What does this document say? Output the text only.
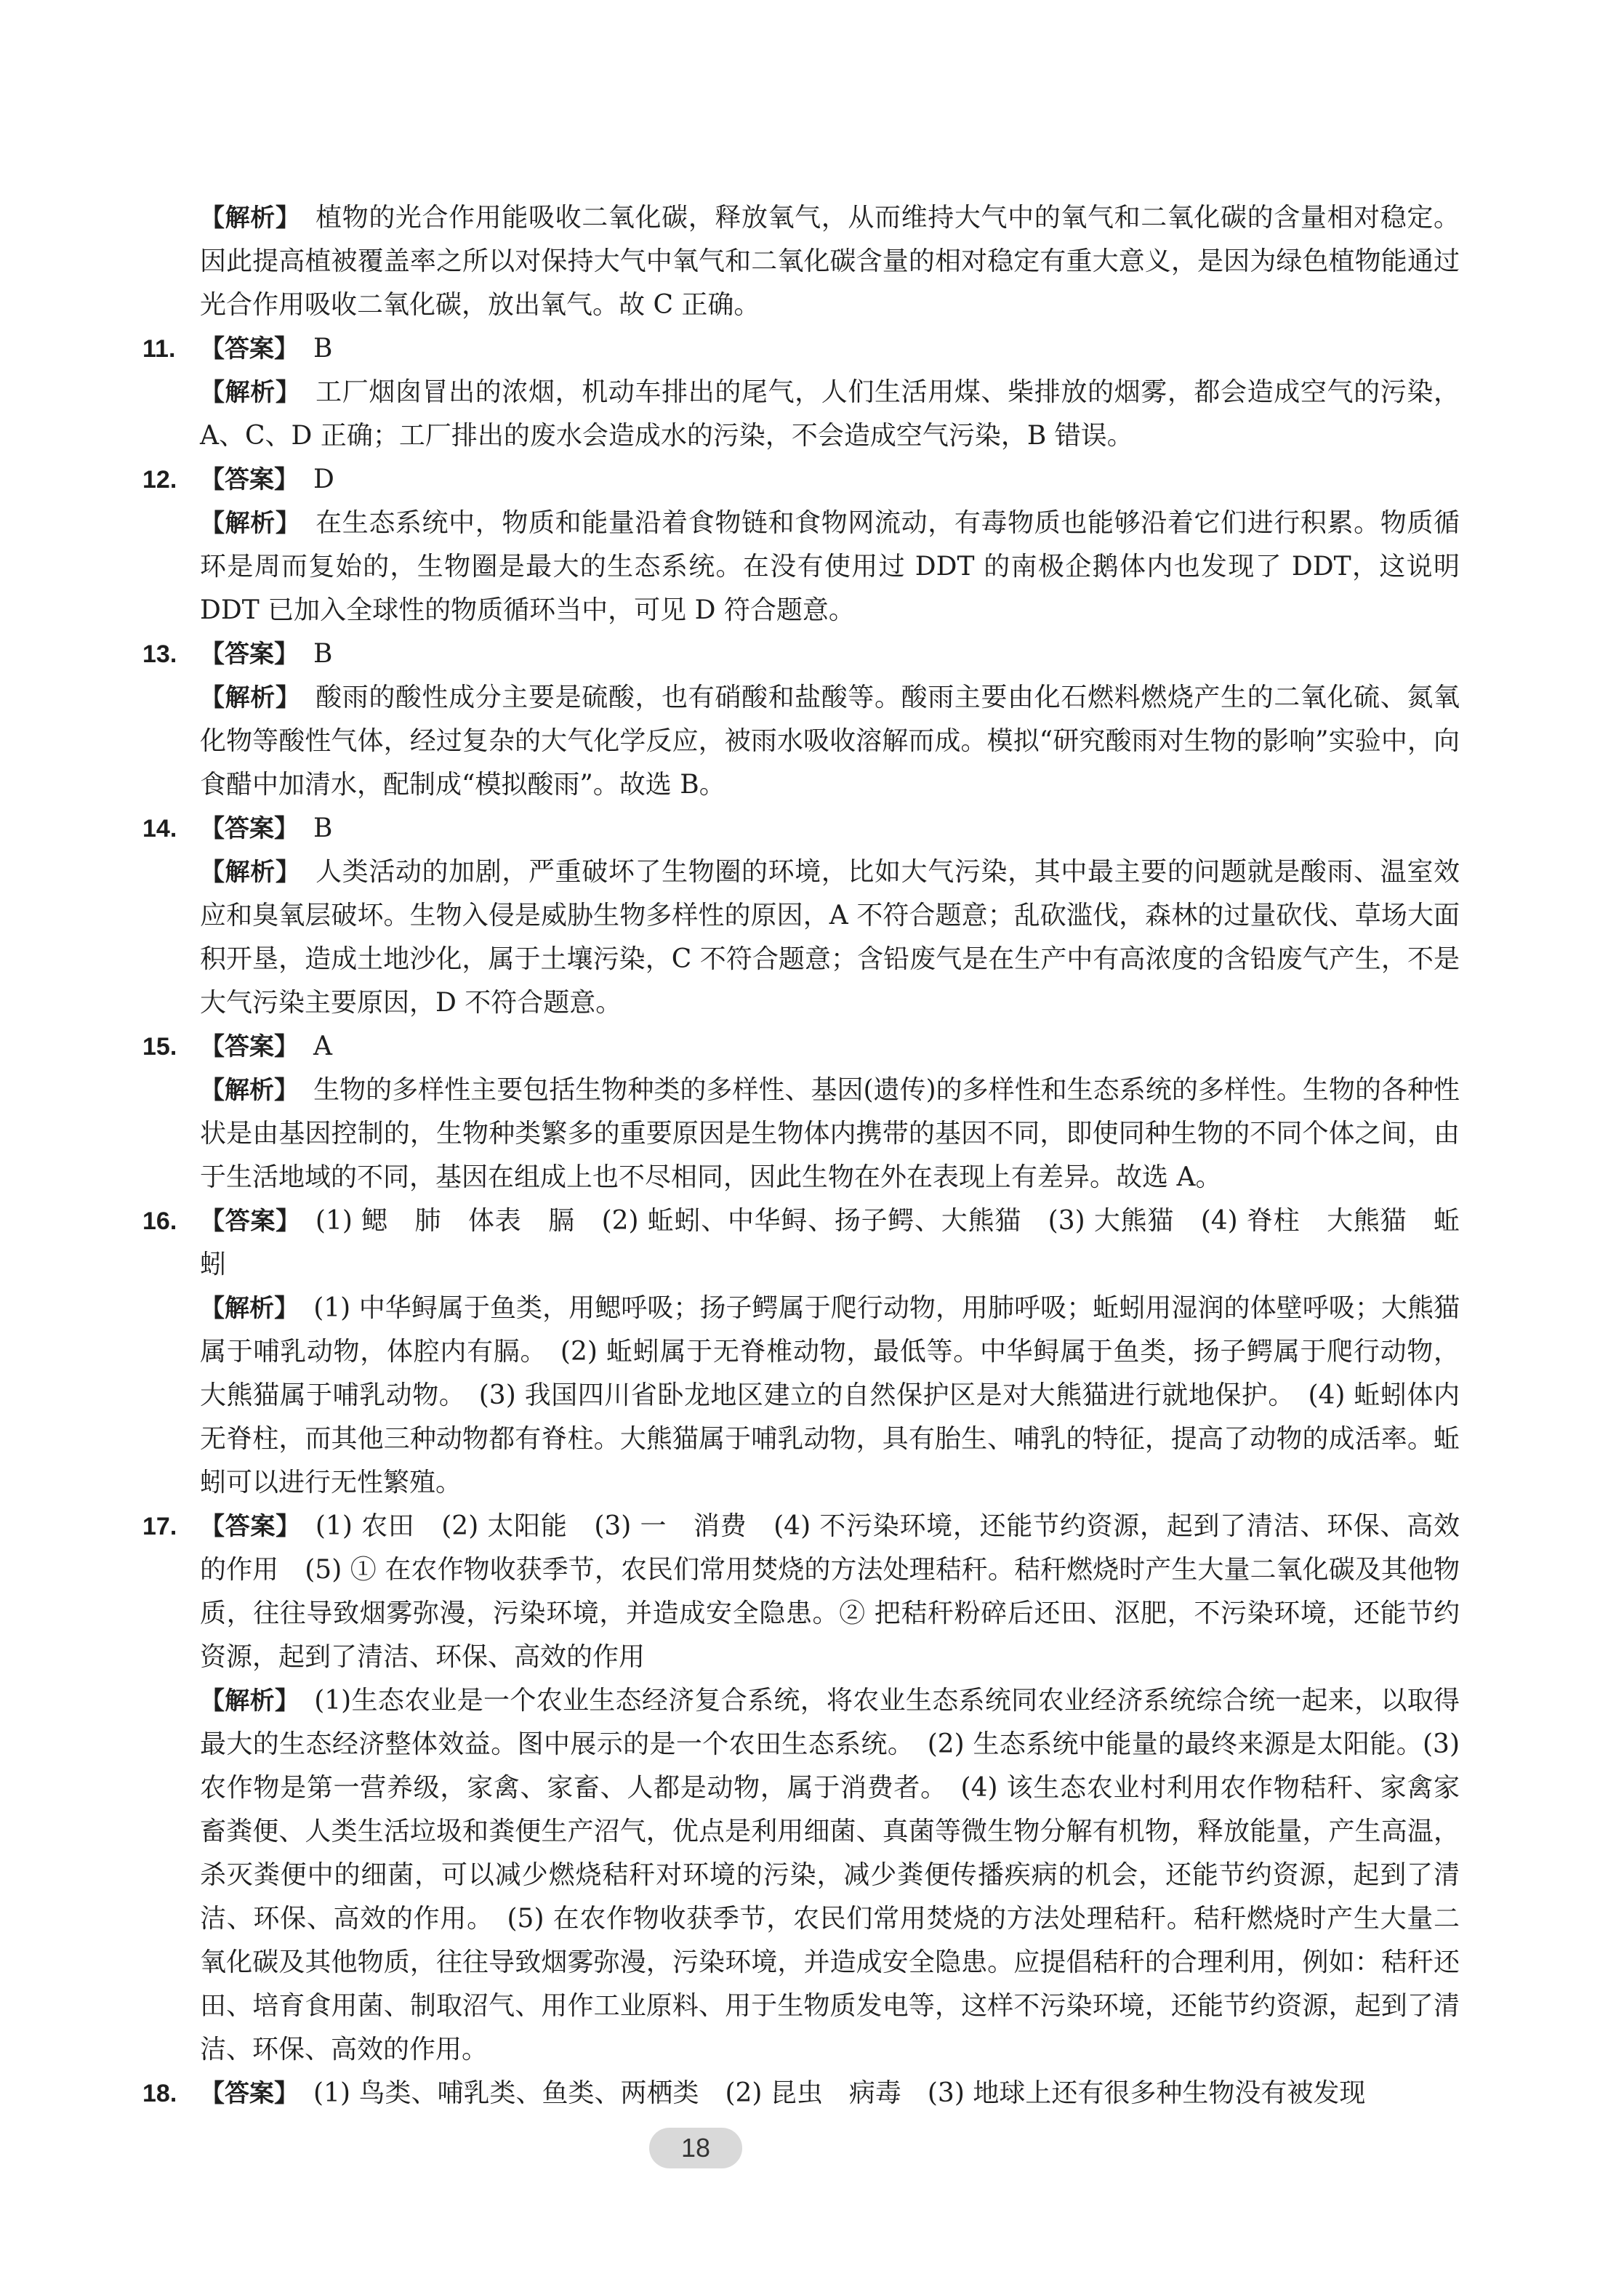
【解析】 植物的光合作用能吸收二氧化碳，释放氧气，从而维持大气中的氧气和二氧化碳的含量相对稳定。因此提高植被覆盖率之所以对保持大气中氧气和二氧化碳含量的相对稳定有重大意义，是因为绿色植物能通过光合作用吸收二氧化碳，放出氧气。故 C 正确。

11. 【答案】 B

【解析】 工厂烟囱冒出的浓烟，机动车排出的尾气，人们生活用煤、柴排放的烟雾，都会造成空气的污染，A、C、D 正确；工厂排出的废水会造成水的污染，不会造成空气污染，B 错误。

12. 【答案】 D

【解析】 在生态系统中，物质和能量沿着食物链和食物网流动，有毒物质也能够沿着它们进行积累。物质循环是周而复始的，生物圈是最大的生态系统。在没有使用过 DDT 的南极企鹅体内也发现了 DDT，这说明 DDT 已加入全球性的物质循环当中，可见 D 符合题意。

13. 【答案】 B

【解析】 酸雨的酸性成分主要是硫酸，也有硝酸和盐酸等。酸雨主要由化石燃料燃烧产生的二氧化硫、氮氧化物等酸性气体，经过复杂的大气化学反应，被雨水吸收溶解而成。模拟“研究酸雨对生物的影响”实验中，向食醋中加清水，配制成“模拟酸雨”。故选 B。

14. 【答案】 B

【解析】 人类活动的加剧，严重破坏了生物圈的环境，比如大气污染，其中最主要的问题就是酸雨、温室效应和臭氧层破坏。生物入侵是威胁生物多样性的原因，A 不符合题意；乱砍滥伐，森林的过量砍伐、草场大面积开垦，造成土地沙化，属于土壤污染，C 不符合题意；含铅废气是在生产中有高浓度的含铅废气产生，不是大气污染主要原因，D 不符合题意。

15. 【答案】 A

【解析】 生物的多样性主要包括生物种类的多样性、基因(遗传)的多样性和生态系统的多样性。生物的各种性状是由基因控制的，生物种类繁多的重要原因是生物体内携带的基因不同，即使同种生物的不同个体之间，由于生活地域的不同，基因在组成上也不尽相同，因此生物在外在表现上有差异。故选 A。

16. 【答案】 (1) 鳃　肺　体表　膈　(2) 蚯蚓、中华鲟、扬子鳄、大熊猫　(3) 大熊猫　(4) 脊柱　大熊猫　蚯蚓

【解析】 (1) 中华鲟属于鱼类，用鳃呼吸；扬子鳄属于爬行动物，用肺呼吸；蚯蚓用湿润的体壁呼吸；大熊猫属于哺乳动物，体腔内有膈。　(2) 蚯蚓属于无脊椎动物，最低等。中华鲟属于鱼类，扬子鳄属于爬行动物，大熊猫属于哺乳动物。　(3) 我国四川省卧龙地区建立的自然保护区是对大熊猫进行就地保护。　(4) 蚯蚓体内无脊柱，而其他三种动物都有脊柱。大熊猫属于哺乳动物，具有胎生、哺乳的特征，提高了动物的成活率。蚯蚓可以进行无性繁殖。

17. 【答案】 (1) 农田　(2) 太阳能　(3) 一　消费　(4) 不污染环境，还能节约资源，起到了清洁、环保、高效的作用　(5) ① 在农作物收获季节，农民们常用焚烧的方法处理秸秆。秸秆燃烧时产生大量二氧化碳及其他物质，往往导致烟雾弥漫，污染环境，并造成安全隐患。② 把秸秆粉碎后还田、沤肥，不污染环境，还能节约资源，起到了清洁、环保、高效的作用

【解析】 (1)生态农业是一个农业生态经济复合系统，将农业生态系统同农业经济系统综合统一起来，以取得最大的生态经济整体效益。图中展示的是一个农田生态系统。　(2) 生态系统中能量的最终来源是太阳能。(3) 农作物是第一营养级，家禽、家畜、人都是动物，属于消费者。　(4) 该生态农业村利用农作物秸秆、家禽家畜粪便、人类生活垃圾和粪便生产沼气，优点是利用细菌、真菌等微生物分解有机物，释放能量，产生高温，杀灭粪便中的细菌，可以减少燃烧秸秆对环境的污染，减少粪便传播疾病的机会，还能节约资源，起到了清洁、环保、高效的作用。　(5) 在农作物收获季节，农民们常用焚烧的方法处理秸秆。秸秆燃烧时产生大量二氧化碳及其他物质，往往导致烟雾弥漫，污染环境，并造成安全隐患。应提倡秸秆的合理利用，例如：秸秆还田、培育食用菌、制取沼气、用作工业原料、用于生物质发电等，这样不污染环境，还能节约资源，起到了清洁、环保、高效的作用。

18. 【答案】 (1) 鸟类、哺乳类、鱼类、两栖类　(2) 昆虫　病毒　(3) 地球上还有很多种生物没有被发现

18
